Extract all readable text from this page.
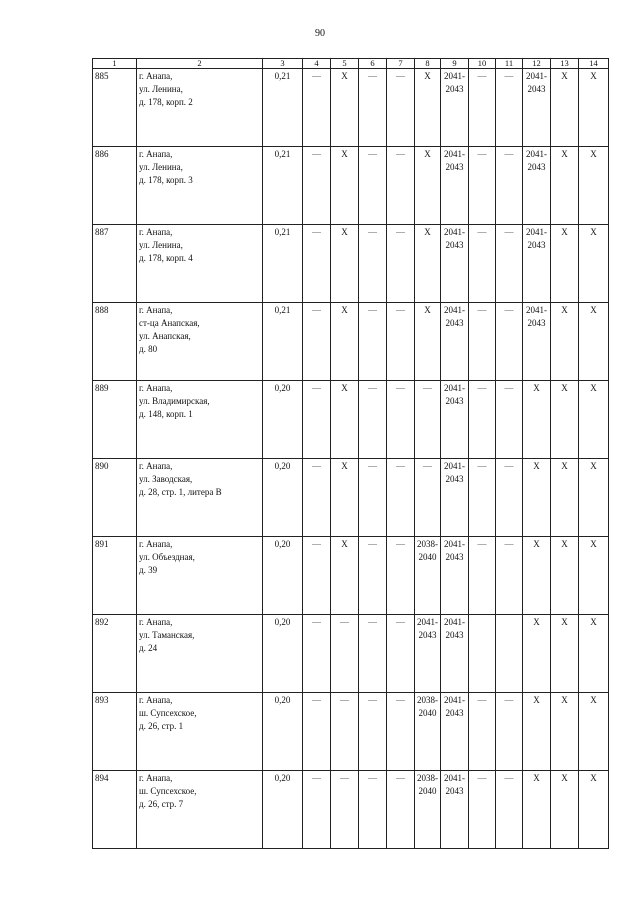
90
1	2	3	4	5	6	7	8	9	10	11	12	13	14
885	г. Анапа,
ул. Ленина,
д. 178, корп. 2	0,21	—	X	—	—	X	2041-
2043	—	—	2041-
2043	X	X
886	г. Анапа,
ул. Ленина,
д. 178, корп. 3	0,21	—	X	—	—	X	2041-
2043	—	—	2041-
2043	X	X
887	г. Анапа,
ул. Ленина,
д. 178, корп. 4	0,21	—	X	—	—	X	2041-
2043	—	—	2041-
2043	X	X
888	г. Анапа,
ст-ца Анапская,
ул. Анапская,
д. 80	0,21	—	X	—	—	X	2041-
2043	—	—	2041-
2043	X	X
889	г. Анапа,
ул. Владимирская,
д. 148, корп. 1	0,20	—	X	—	—	—	2041-
2043	—	—	X	X	X
890	г. Анапа,
ул. Заводская,
д. 28, стр. 1, литера В	0,20	—	X	—	—	—	2041-
2043	—	—	X	X	X
891	г. Анапа,
ул. Объездная,
д. 39	0,20	—	X	—	—	2038-
2040	2041-
2043	—	—	X	X	X
892	г. Анапа,
ул. Таманская,
д. 24	0,20	—	—	—	—	2041-
2043	2041-
2043			X	X	X
893	г. Анапа,
ш. Супсехское,
д. 26, стр. 1	0,20	—	—	—	—	2038-
2040	2041-
2043	—	—	X	X	X
894	г. Анапа,
ш. Супсехское,
д. 26, стр. 7	0,20	—	—	—	—	2038-
2040	2041-
2043	—	—	X	X	X
